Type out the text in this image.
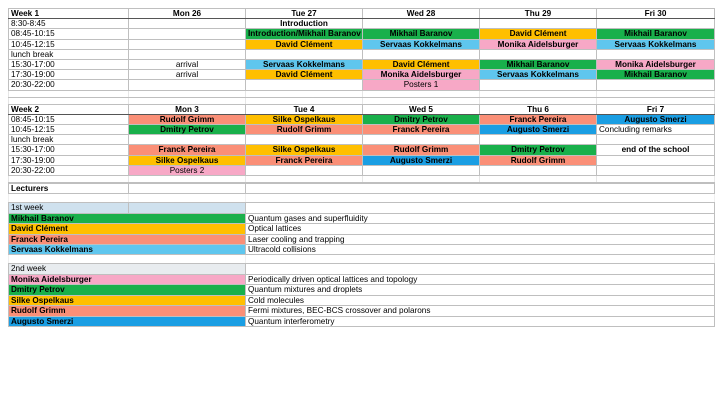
Week 1	Mon 26	Tue 27	Wed 28	Thu 29	Fri 30
8:30-8:45		Introduction			
08:45-10:15		Introduction/Mikhail Baranov	Mikhail Baranov	David Clément	Mikhail Baranov
10:45-12:15		David Clément	Servaas Kokkelmans	Monika Aidelsburger	Servaas Kokkelmans
lunch break					
15:30-17:00	arrival	Servaas Kokkelmans	David Clément	Mikhail Baranov	Monika Aidelsburger
17:30-19:00	arrival	David Clément	Monika Aidelsburger	Servaas Kokkelmans	Mikhail Baranov
20:30-22:00			Posters 1		

Week 2	Mon 3	Tue 4	Wed 5	Thu 6	Fri 7
08:45-10:15	Rudolf Grimm	Silke Ospelkaus	Dmitry Petrov	Franck Pereira	Augusto Smerzi
10:45-12:15	Dmitry Petrov	Rudolf Grimm	Franck Pereira	Augusto Smerzi	Concluding remarks
lunch break					
15:30-17:00	Franck Pereira	Silke Ospelkaus	Rudolf Grimm	Dmitry Petrov	end of the school
17:30-19:00	Silke Ospelkaus	Franck Pereira	Augusto Smerzi	Rudolf Grimm	
20:30-22:00	Posters 2				

Lecturers		

1st week		
Mikhail Baranov		Quantum gases and superfluidity
David Clément		Optical lattices
Franck Pereira		Laser cooling and trapping
Servaas Kokkelmans		Ultracold collisions

2nd week		
Monika Aidelsburger		Periodically driven optical lattices and topology
Dmitry Petrov		Quantum mixtures and droplets
Silke Ospelkaus		Cold molecules
Rudolf Grimm		Fermi mixtures, BEC-BCS crossover and polarons
Augusto Smerzi		Quantum interferometry
